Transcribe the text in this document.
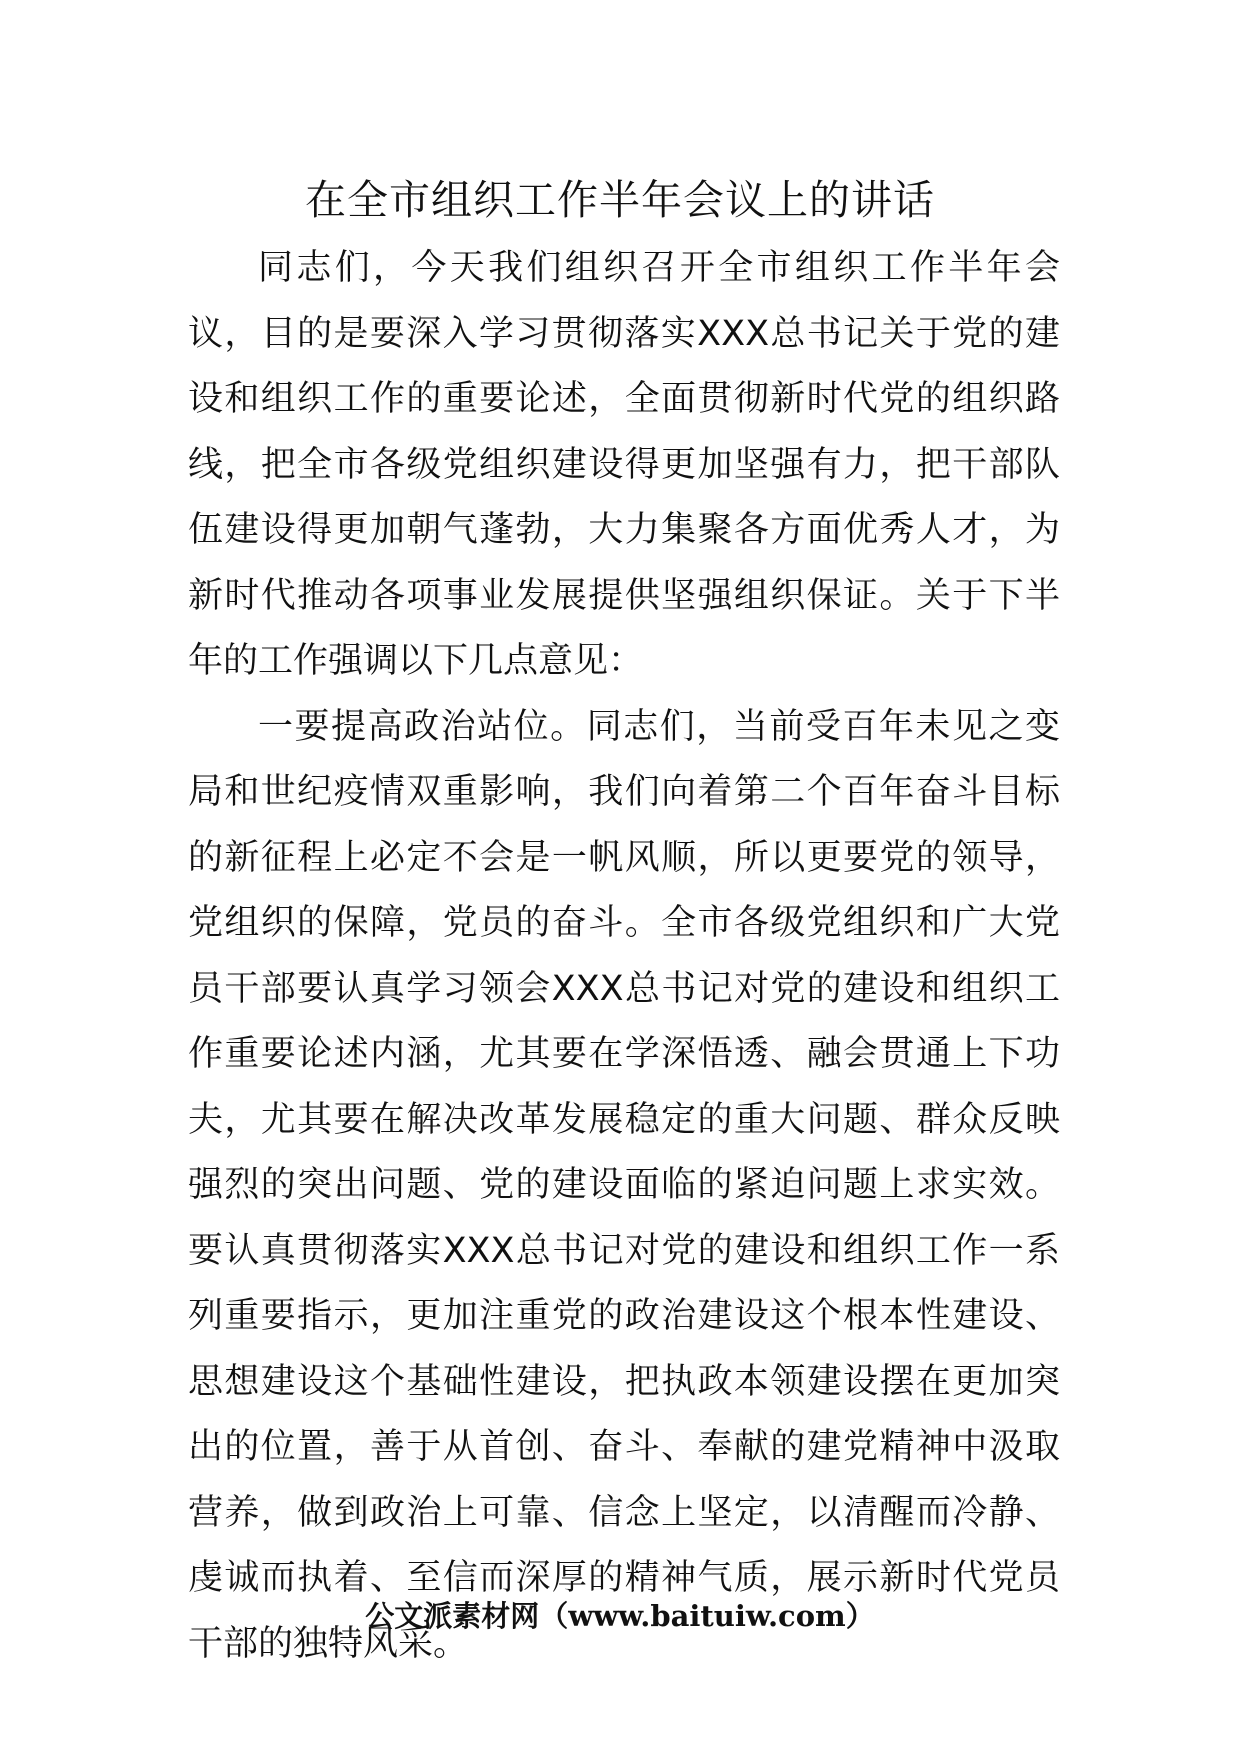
在全市组织工作半年会议上的讲话

同志们，今天我们组织召开全市组织工作半年会议，目的是要深入学习贯彻落实XXX总书记关于党的建设和组织工作的重要论述，全面贯彻新时代党的组织路线，把全市各级党组织建设得更加坚强有力，把干部队伍建设得更加朝气蓬勃，大力集聚各方面优秀人才，为新时代推动各项事业发展提供坚强组织保证。关于下半年的工作强调以下几点意见：

一要提高政治站位。同志们，当前受百年未见之变局和世纪疫情双重影响，我们向着第二个百年奋斗目标的新征程上必定不会是一帆风顺，所以更要党的领导，党组织的保障，党员的奋斗。全市各级党组织和广大党员干部要认真学习领会XXX总书记对党的建设和组织工作重要论述内涵，尤其要在学深悟透、融会贯通上下功夫，尤其要在解决改革发展稳定的重大问题、群众反映强烈的突出问题、党的建设面临的紧迫问题上求实效。要认真贯彻落实XXX总书记对党的建设和组织工作一系列重要指示，更加注重党的政治建设这个根本性建设、思想建设这个基础性建设，把执政本领建设摆在更加突出的位置，善于从首创、奋斗、奉献的建党精神中汲取营养，做到政治上可靠、信念上坚定，以清醒而冷静、虔诚而执着、至信而深厚的精神气质，展示新时代党员干部的独特风采。

公文派素材网（www.baituiw.com）
